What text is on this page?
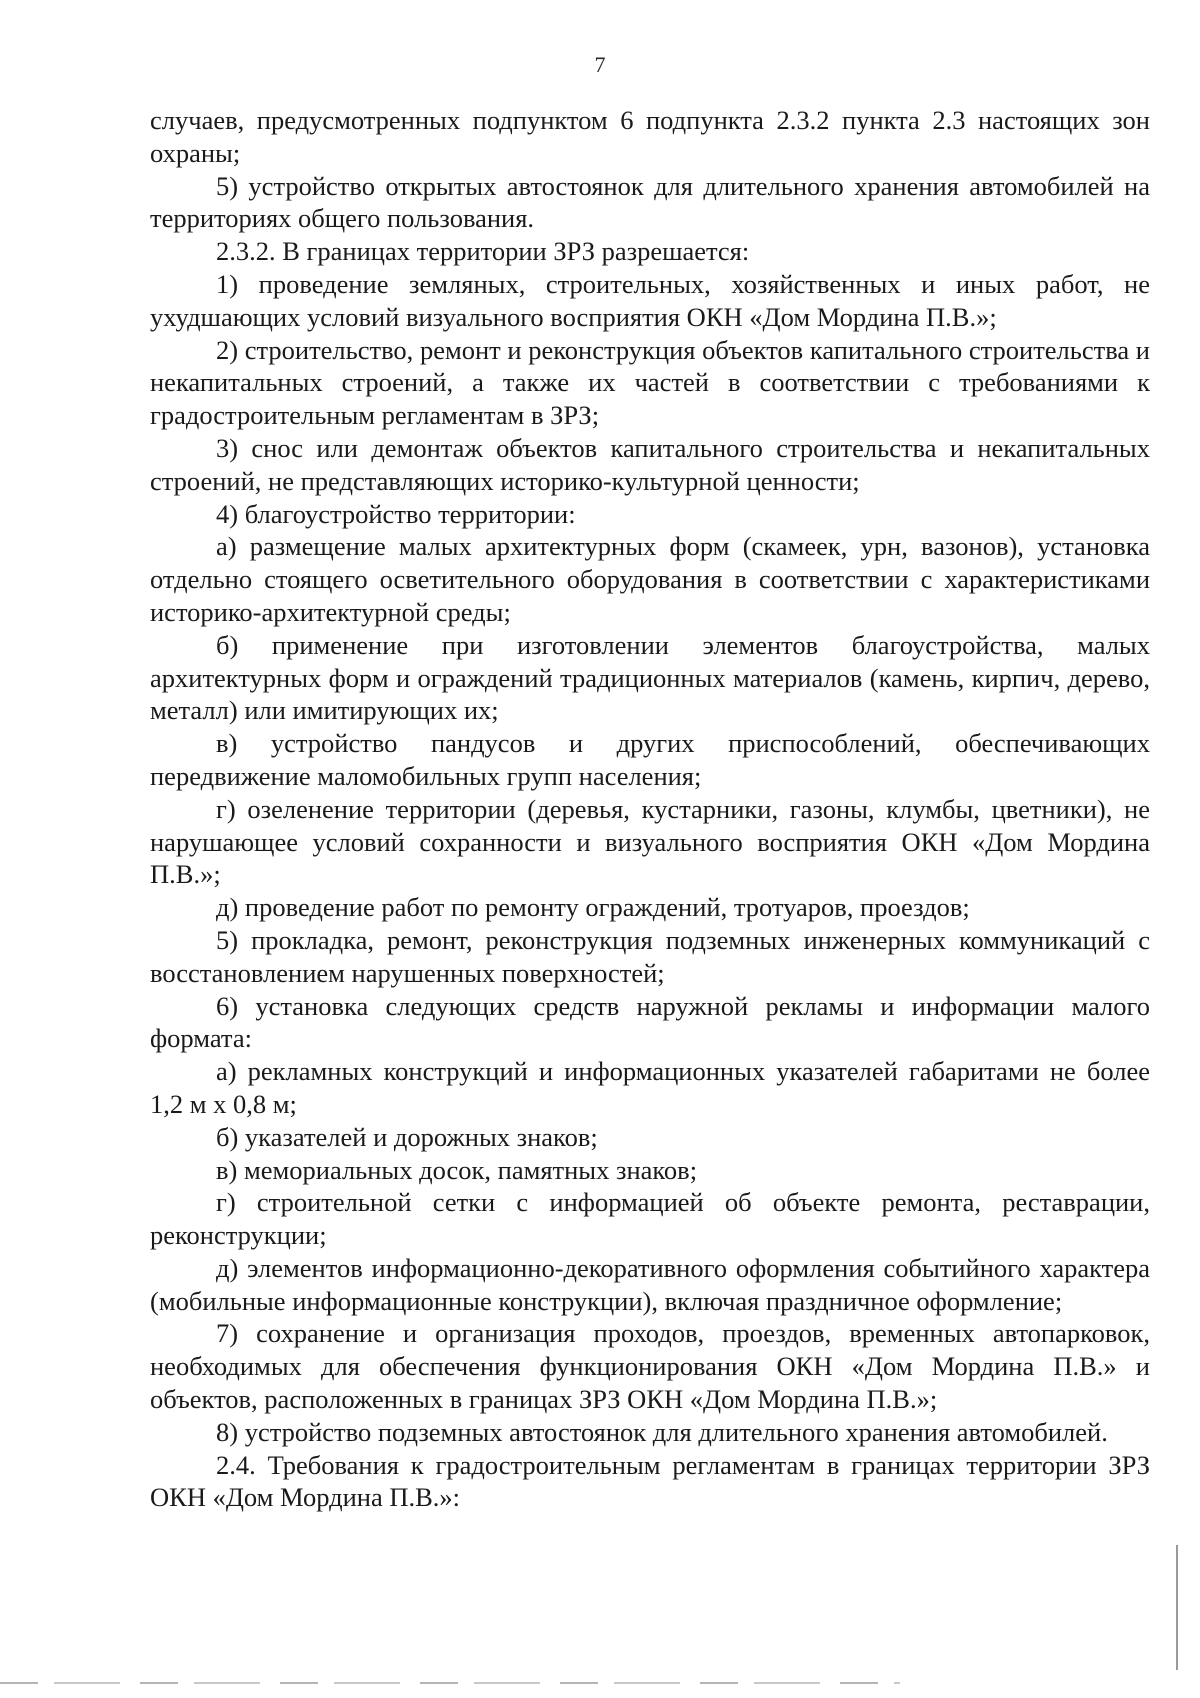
7

случаев, предусмотренных подпунктом 6 подпункта 2.3.2 пункта 2.3 настоящих зон охраны;

5) устройство открытых автостоянок для длительного хранения автомобилей на территориях общего пользования.

2.3.2. В границах территории ЗРЗ разрешается:

1) проведение земляных, строительных, хозяйственных и иных работ, не ухудшающих условий визуального восприятия ОКН «Дом Мордина П.В.»;

2) строительство, ремонт и реконструкция объектов капитального строительства и некапитальных строений, а также их частей в соответствии с требованиями к градостроительным регламентам в ЗРЗ;

3) снос или демонтаж объектов капитального строительства и некапитальных строений, не представляющих историко-культурной ценности;

4) благоустройство территории:

а) размещение малых архитектурных форм (скамеек, урн, вазонов), установка отдельно стоящего осветительного оборудования в соответствии с характеристиками историко-архитектурной среды;

б) применение при изготовлении элементов благоустройства, малых архитектурных форм и ограждений традиционных материалов (камень, кирпич, дерево, металл) или имитирующих их;

в) устройство пандусов и других приспособлений, обеспечивающих передвижение маломобильных групп населения;

г) озеленение территории (деревья, кустарники, газоны, клумбы, цветники), не нарушающее условий сохранности и визуального восприятия ОКН «Дом Мордина П.В.»;

д) проведение работ по ремонту ограждений, тротуаров, проездов;

5) прокладка, ремонт, реконструкция подземных инженерных коммуникаций с восстановлением нарушенных поверхностей;

6) установка следующих средств наружной рекламы и информации малого формата:

а) рекламных конструкций и информационных указателей габаритами не более 1,2 м х 0,8 м;

б) указателей и дорожных знаков;

в) мемориальных досок, памятных знаков;

г) строительной сетки с информацией об объекте ремонта, реставрации, реконструкции;

д) элементов информационно-декоративного оформления событийного характера (мобильные информационные конструкции), включая праздничное оформление;

7) сохранение и организация проходов, проездов, временных автопарковок, необходимых для обеспечения функционирования ОКН «Дом Мордина П.В.» и объектов, расположенных в границах ЗРЗ ОКН «Дом Мордина П.В.»;

8) устройство подземных автостоянок для длительного хранения автомобилей.

2.4. Требования к градостроительным регламентам в границах территории ЗРЗ ОКН «Дом Мордина П.В.»:
